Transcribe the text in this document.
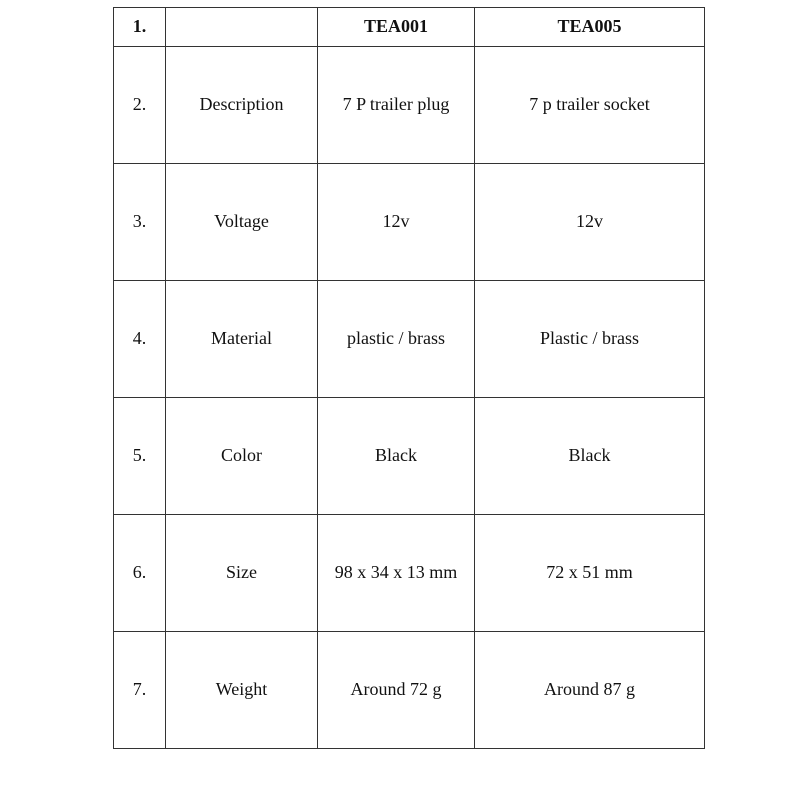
1.		TEA001	TEA005
2.	Description	7 P trailer plug	7 p trailer socket
3.	Voltage	12v	12v
4.	Material	plastic / brass	Plastic / brass
5.	Color	Black	Black
6.	Size	98 x 34 x 13 mm	72 x 51 mm
7.	Weight	Around 72 g	Around 87 g
